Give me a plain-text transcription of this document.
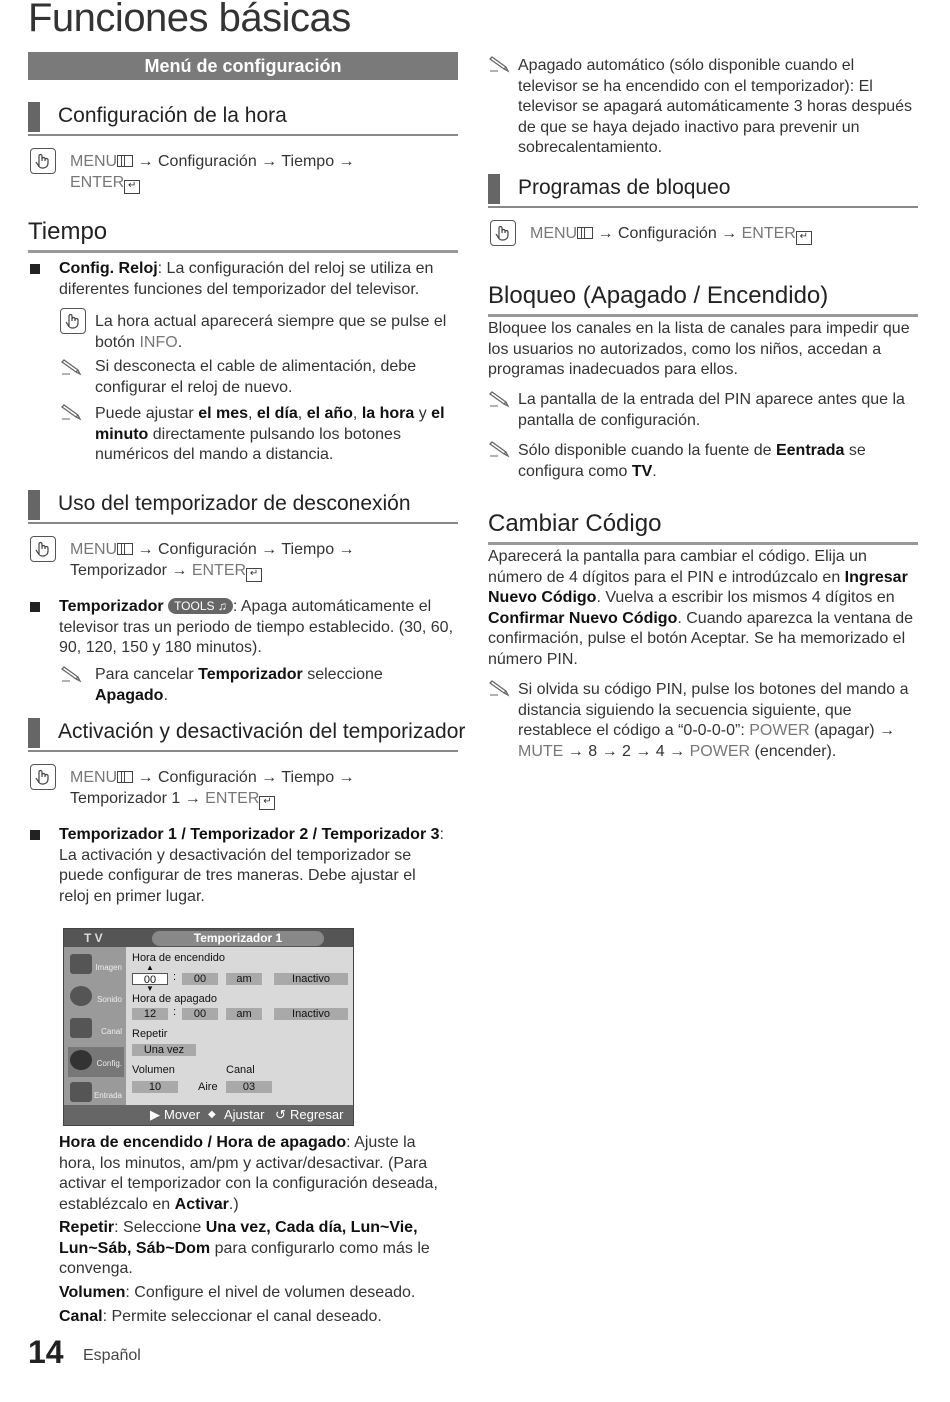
Funciones básicas
Menú de configuración
Configuración de la hora
MENU → Configuración → Tiempo →
ENTER ↵
Tiempo
Config. Reloj: La configuración del reloj se utiliza en diferentes funciones del temporizador del televisor.
La hora actual aparecerá siempre que se pulse el botón INFO.
Si desconecta el cable de alimentación, debe configurar el reloj de nuevo.
Puede ajustar el mes, el día, el año, la hora y el minuto directamente pulsando los botones numéricos del mando a distancia.
Uso del temporizador de desconexión
MENU → Configuración → Tiempo →
Temporizador → ENTER ↵
Temporizador TOOLS ♫ : Apaga automáticamente el televisor tras un periodo de tiempo establecido. (30, 60, 90, 120, 150 y 180 minutos).
Para cancelar Temporizador seleccione
Apagado.
Activación y desactivación del temporizador
MENU → Configuración → Tiempo →
Temporizador 1 → ENTER ↵
Temporizador 1 / Temporizador 2 / Temporizador 3: La activación y desactivación del temporizador se puede configurar de tres maneras. Debe ajustar el reloj en primer lugar.
T V	Temporizador 1
Imagen
Sonido
Canal
Config.
Entrada
Hora de encendido
▲
00	:	00	am	Inactivo
▼
Hora de apagado
12	:	00	am	Inactivo
Repetir
Una vez
Volumen	Canal
10	Aire	03
▶ Mover ◆ Ajustar ↺ Regresar
Hora de encendido / Hora de apagado: Ajuste la hora, los minutos, am/pm y activar/desactivar. (Para activar el temporizador con la configuración deseada, establézcalo en Activar.)
Repetir: Seleccione Una vez, Cada día, Lun~Vie, Lun~Sáb, Sáb~Dom para configurarlo como más le convenga.
Volumen: Configure el nivel de volumen deseado.
Canal: Permite seleccionar el canal deseado.
Apagado automático (sólo disponible cuando el televisor se ha encendido con el temporizador): El televisor se apagará automáticamente 3 horas después de que se haya dejado inactivo para prevenir un sobrecalentamiento.
Programas de bloqueo
MENU → Configuración → ENTER ↵
Bloqueo (Apagado / Encendido)
Bloquee los canales en la lista de canales para impedir que los usuarios no autorizados, como los niños, accedan a programas inadecuados para ellos.
La pantalla de la entrada del PIN aparece antes que la pantalla de configuración.
Sólo disponible cuando la fuente de Eentrada se configura como TV.
Cambiar Código
Aparecerá la pantalla para cambiar el código. Elija un número de 4 dígitos para el PIN e introdúzcalo en Ingresar Nuevo Código. Vuelva a escribir los mismos 4 dígitos en Confirmar Nuevo Código. Cuando aparezca la ventana de confirmación, pulse el botón Aceptar. Se ha memorizado el número PIN.
Si olvida su código PIN, pulse los botones del mando a distancia siguiendo la secuencia siguiente, que restablece el código a “0-0-0-0”: POWER (apagar) → MUTE → 8 → 2 → 4 → POWER (encender).
14 Español
